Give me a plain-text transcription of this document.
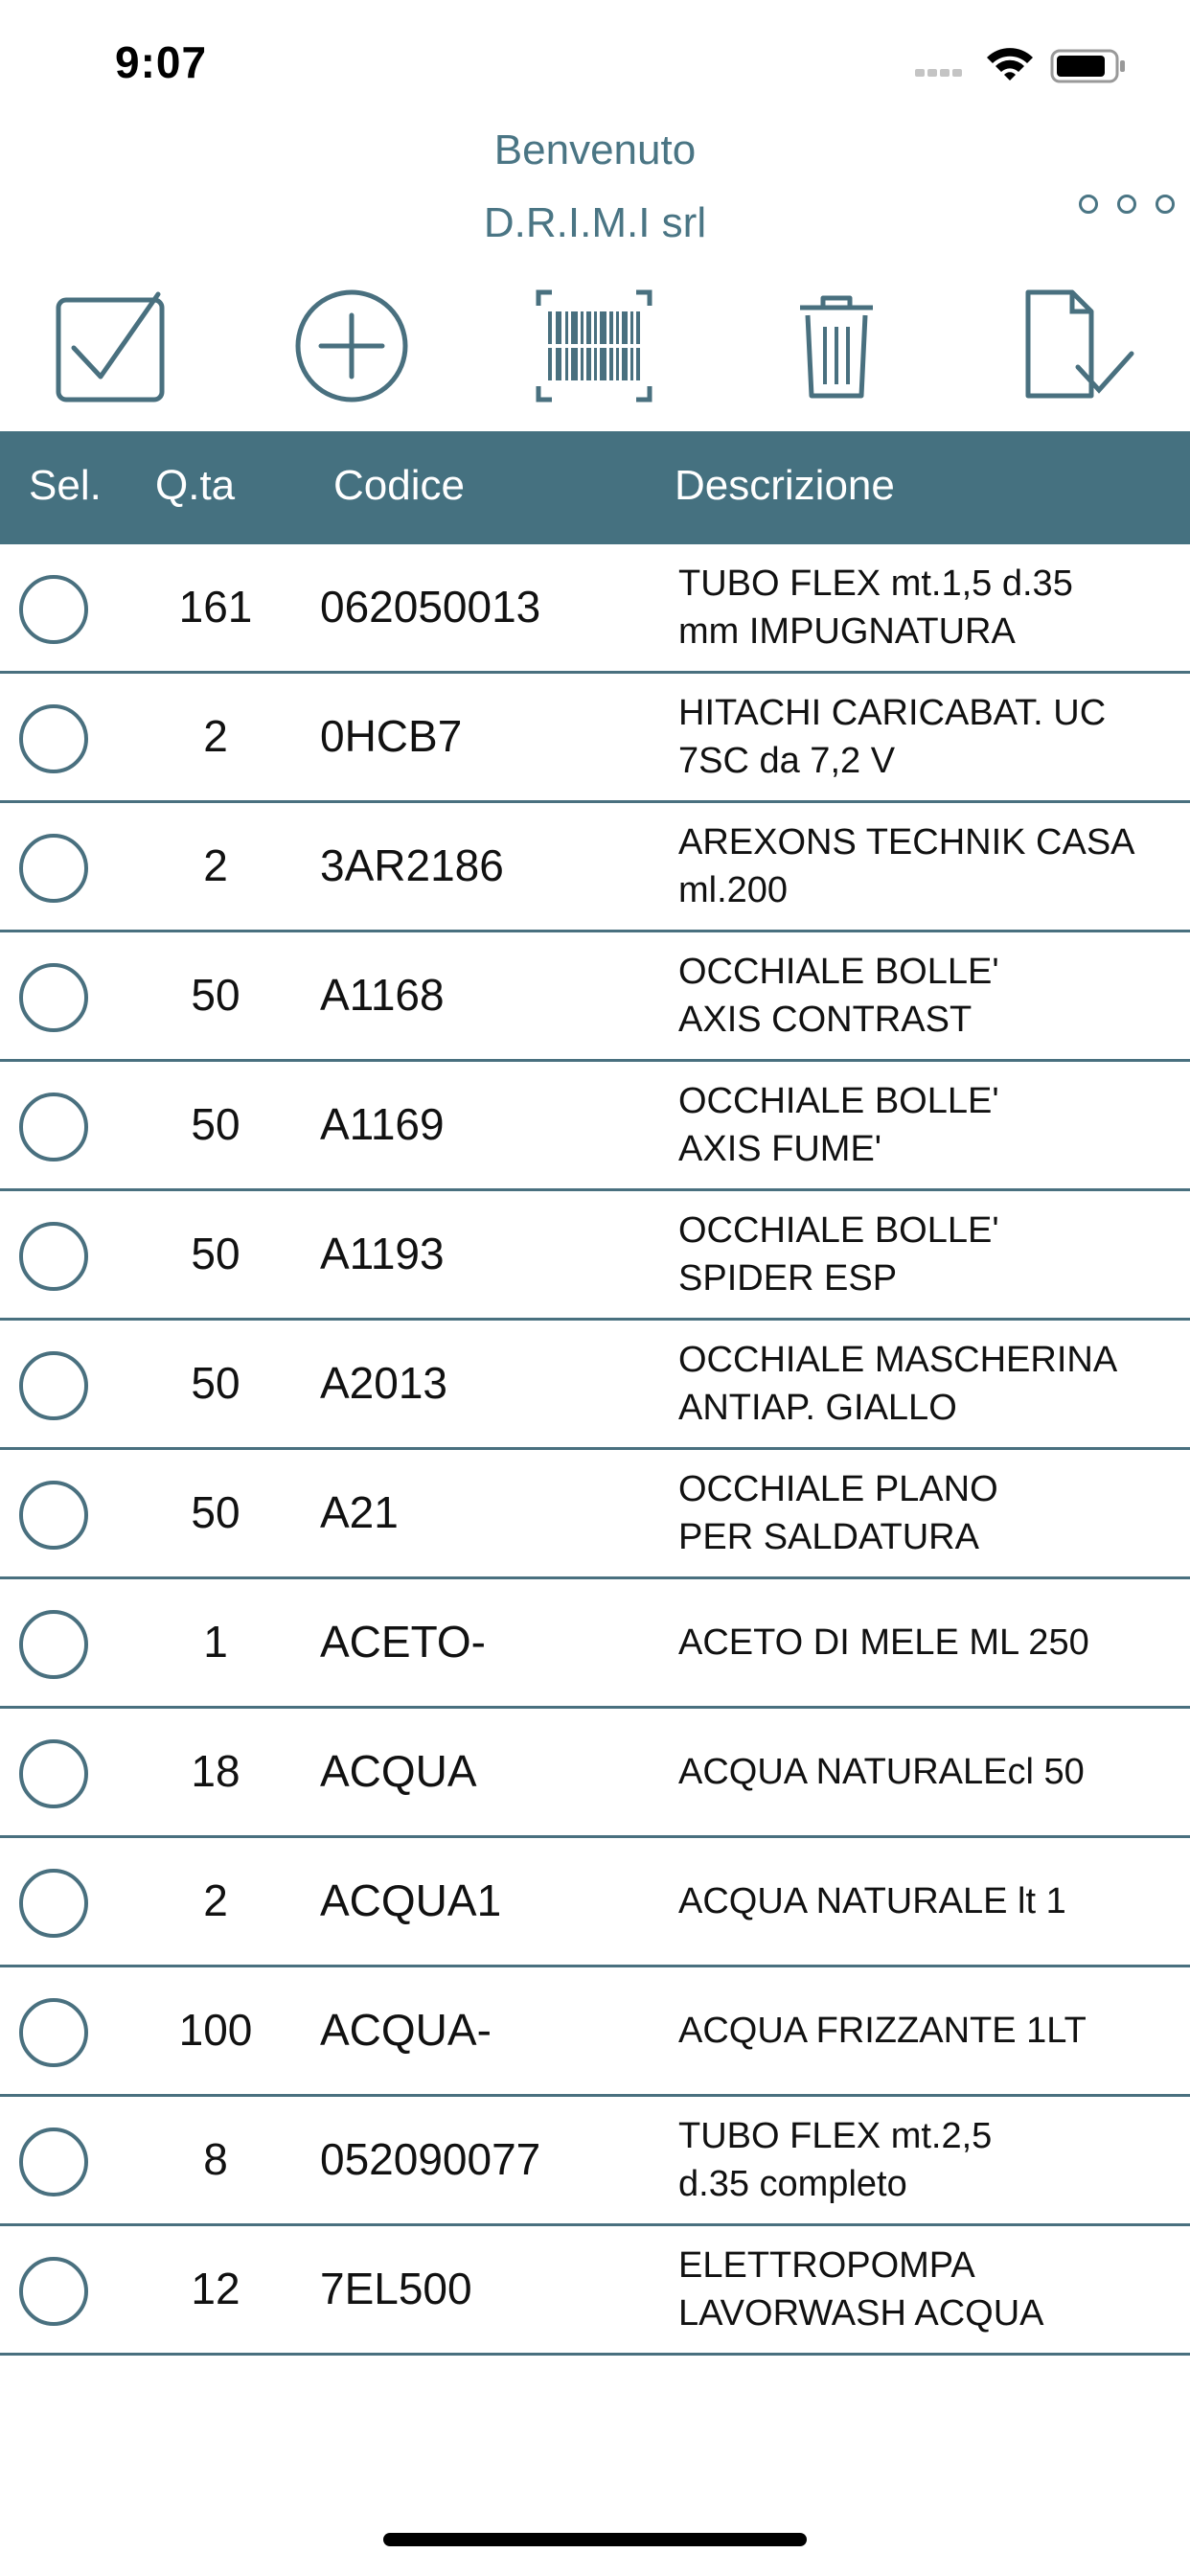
9:07
Benvenuto
D.R.I.M.I srl
Sel. Q.ta Codice	Descrizione
161	062050013	TUBO FLEX mt.1,5 d.35
mm IMPUGNATURA
2	0HCB7	HITACHI CARICABAT. UC
7SC da 7,2 V
2	3AR2186	AREXONS TECHNIK CASA
ml.200
50	A1168	OCCHIALE BOLLE'
AXIS CONTRAST
50	A1169	OCCHIALE BOLLE'
AXIS FUME'
50	A1193	OCCHIALE BOLLE'
SPIDER ESP
50	A2013	OCCHIALE MASCHERINA
ANTIAP. GIALLO
50	A21	OCCHIALE PLANO
PER SALDATURA
1	ACETO-	ACETO DI MELE ML 250
18	ACQUA	ACQUA NATURALEcl 50
2	ACQUA1	ACQUA NATURALE lt 1
100	ACQUA-	ACQUA FRIZZANTE 1LT
8	052090077	TUBO FLEX mt.2,5
d.35 completo
12	7EL500	ELETTROPOMPA
LAVORWASH ACQUA
